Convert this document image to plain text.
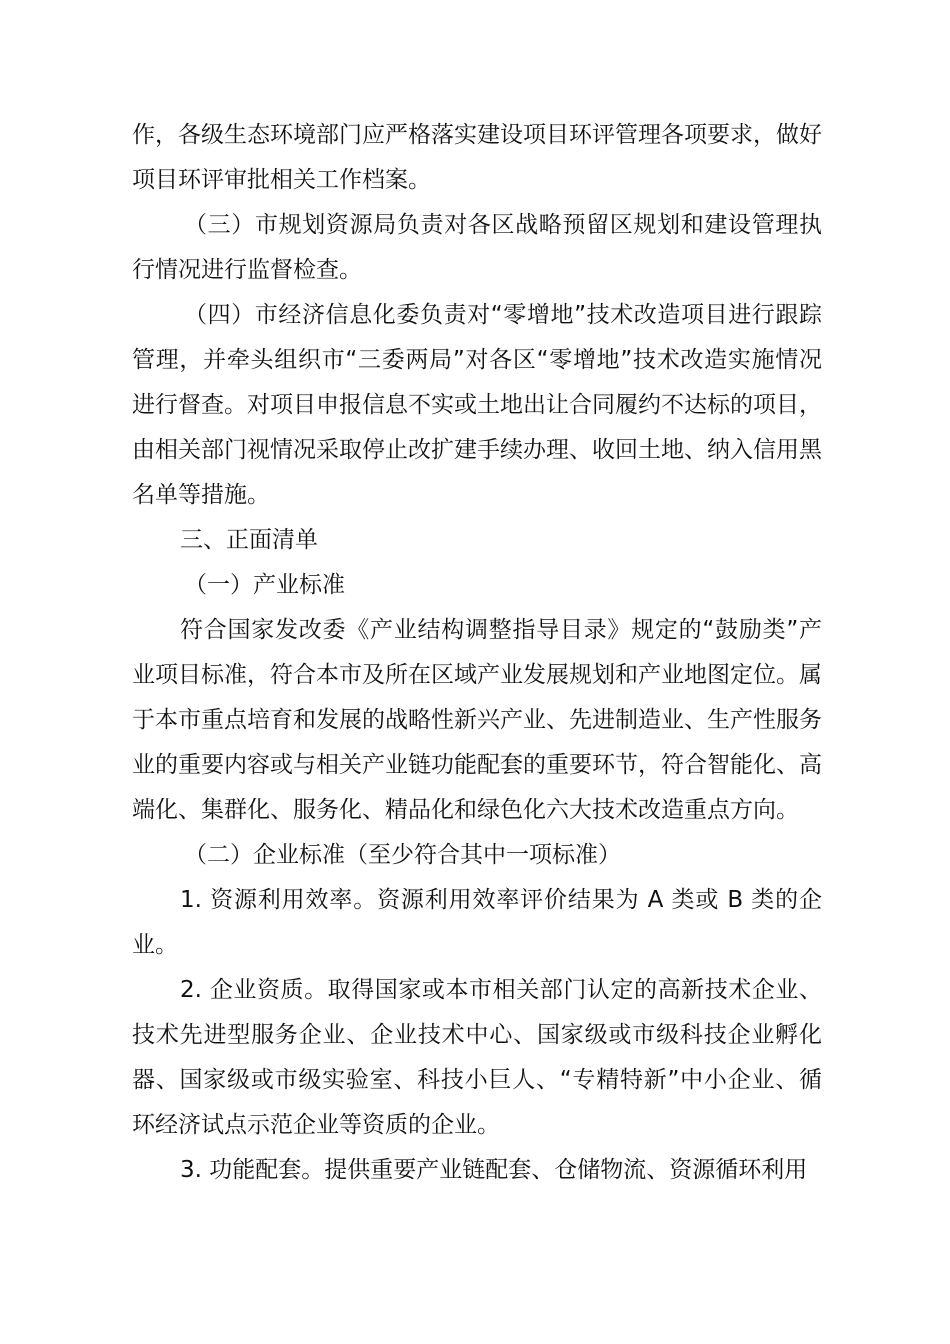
作，各级生态环境部门应严格落实建设项目环评管理各项要求，做好项目环评审批相关工作档案。

（三）市规划资源局负责对各区战略预留区规划和建设管理执行情况进行监督检查。

（四）市经济信息化委负责对“零增地”技术改造项目进行跟踪管理，并牵头组织市“三委两局”对各区“零增地”技术改造实施情况进行督查。对项目申报信息不实或土地出让合同履约不达标的项目，由相关部门视情况采取停止改扩建手续办理、收回土地、纳入信用黑名单等措施。

三、正面清单

（一）产业标准

符合国家发改委《产业结构调整指导目录》规定的“鼓励类”产业项目标准，符合本市及所在区域产业发展规划和产业地图定位。属于本市重点培育和发展的战略性新兴产业、先进制造业、生产性服务业的重要内容或与相关产业链功能配套的重要环节，符合智能化、高端化、集群化、服务化、精品化和绿色化六大技术改造重点方向。

（二）企业标准（至少符合其中一项标准）

1. 资源利用效率。资源利用效率评价结果为 A 类或 B 类的企业。

2. 企业资质。取得国家或本市相关部门认定的高新技术企业、技术先进型服务企业、企业技术中心、国家级或市级科技企业孵化器、国家级或市级实验室、科技小巨人、“专精特新”中小企业、循环经济试点示范企业等资质的企业。

3. 功能配套。提供重要产业链配套、仓储物流、资源循环利用
